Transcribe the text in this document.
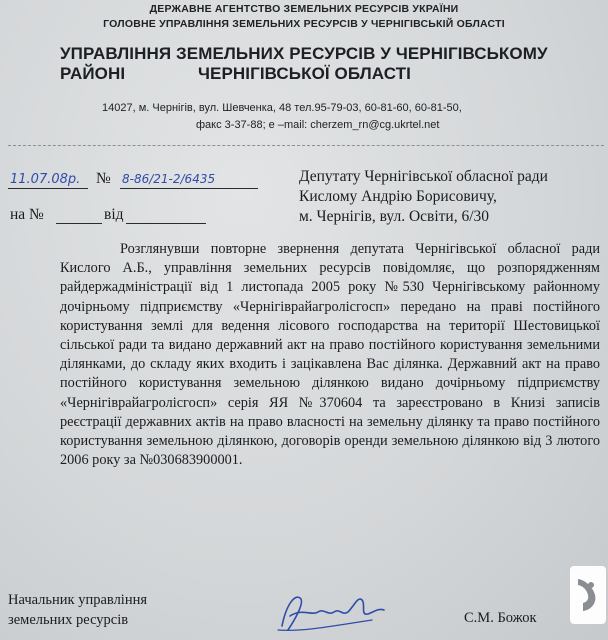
ДЕРЖАВНЕ АГЕНТСТВО ЗЕМЕЛЬНИХ РЕСУРСІВ УКРАЇНИ
ГОЛОВНЕ УПРАВЛІННЯ ЗЕМЕЛЬНИХ РЕСУРСІВ У ЧЕРНІГІВСЬКІЙ ОБЛАСТІ
УПРАВЛІННЯ ЗЕМЕЛЬНИХ РЕСУРСІВ У ЧЕРНІГІВСЬКОМУ РАЙОНІ	ЧЕРНІГІВСЬКОЇ ОБЛАСТІ
14027, м. Чернігів, вул. Шевченка, 48 тел.95-79-03, 60-81-60, 60-81-50,
факс 3-37-88; e –mail: cherzem_rn@cg.ukrtel.net
11.07.08р. № 8-86/21-2/6435
на №	від
Депутату Чернігівської обласної ради
Кислому Андрію Борисовичу,
м. Чернігів, вул. Освіти, 6/30
Розглянувши повторне звернення депутата Чернігівської обласної ради Кислого А.Б., управління земельних ресурсів повідомляє, що розпорядженням райдержадміністрації від 1 листопада 2005 року №530 Чернігівському районному дочірньому підприємству «Чернігіврайагролісгосп» передано на праві постійного користування землі для ведення лісового господарства на території Шестовицької сільської ради та видано державний акт на право постійного користування земельними ділянками, до складу яких входить і зацікавлена Вас ділянка. Державний акт на право постійного користування земельною ділянкою видано дочірньому підприємству «Чернігіврайагролісгосп» серія ЯЯ №370604 та зареєстровано в Книзі записів реєстрації державних актів на право власності на земельну ділянку та право постійного користування земельною ділянкою, договорів оренди земельною ділянкою від 3 лютого 2006 року за №030683900001.
Начальник управління
земельних ресурсів	С.М. Божок
